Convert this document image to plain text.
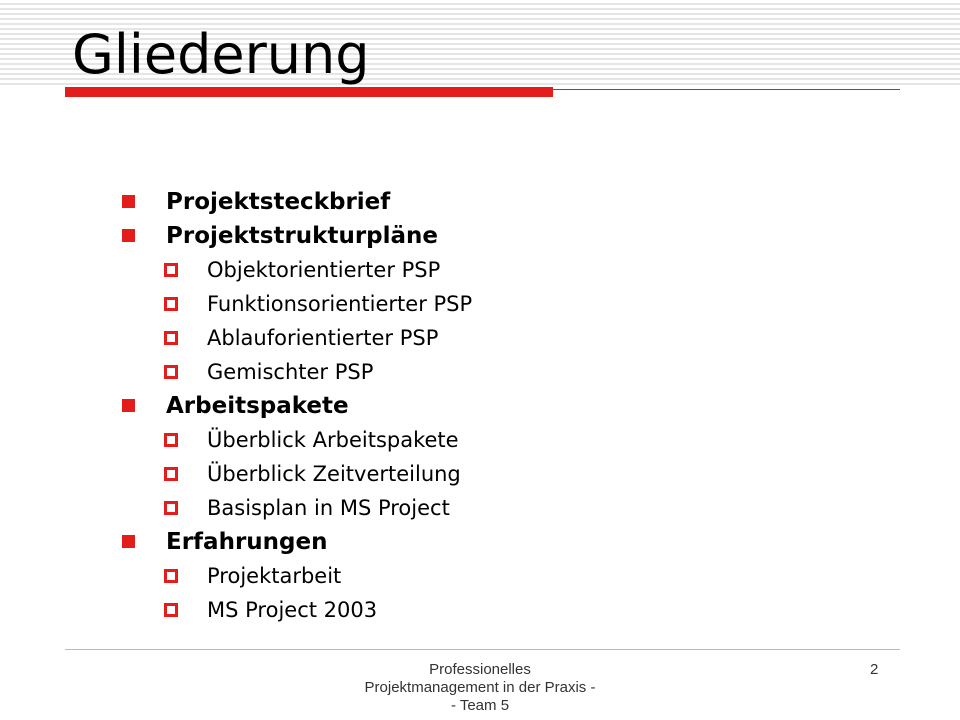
Gliederung
Projektsteckbrief
Projektstrukturpläne
Objektorientierter PSP
Funktionsorientierter PSP
Ablauforientierter PSP
Gemischter PSP
Arbeitspakete
Überblick Arbeitspakete
Überblick Zeitverteilung
Basisplan in MS Project
Erfahrungen
Projektarbeit
MS Project 2003
Professionelles
Projektmanagement in der Praxis -
- Team 5
2
